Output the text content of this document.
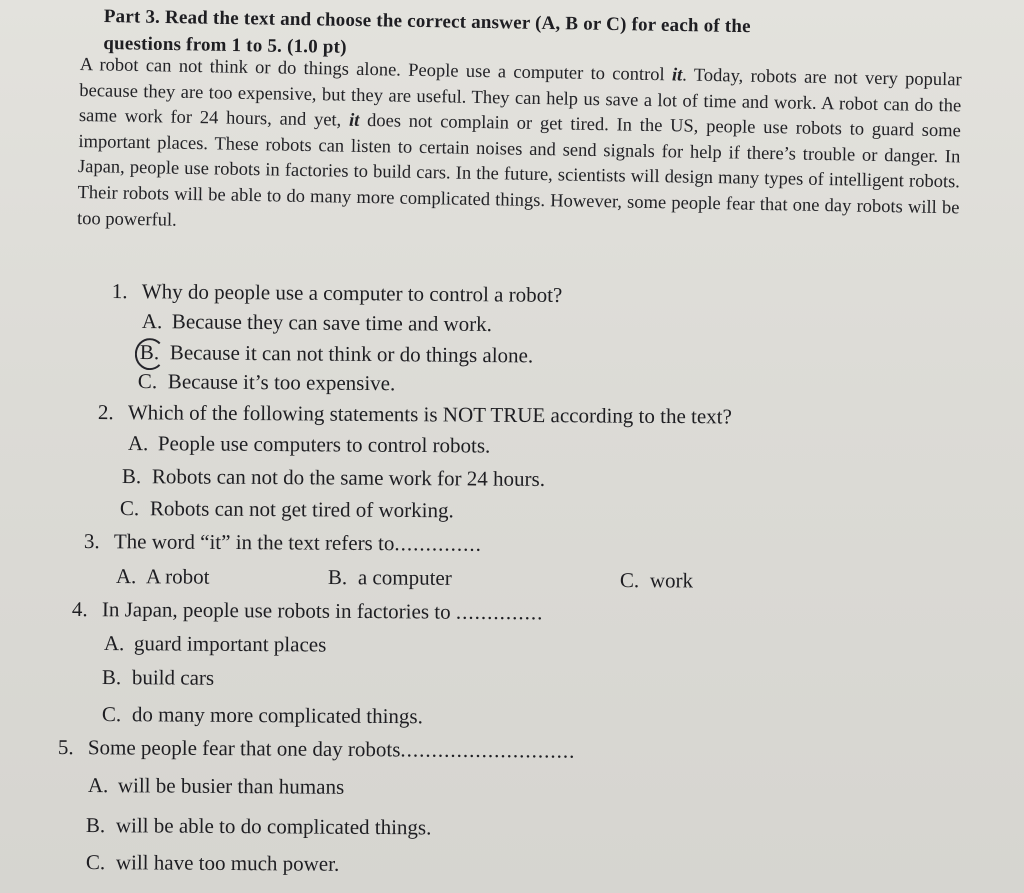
Part 3. Read the text and choose the correct answer (A, B or C) for each of the
questions from 1 to 5. (1.0 pt)
A robot can not think or do things alone. People use a computer to control it. Today, robots are not very popular because they are too expensive, but they are useful. They can help us save a lot of time and work. A robot can do the same work for 24 hours, and yet, it does not complain or get tired. In the US, people use robots to guard some important places. These robots can listen to certain noises and send signals for help if there’s trouble or danger. In Japan, people use robots in factories to build cars. In the future, scientists will design many types of intelligent robots. Their robots will be able to do many more complicated things. However, some people fear that one day robots will be too powerful.
1. Why do people use a computer to control a robot?
A. Because they can save time and work.
B. Because it can not think or do things alone.
C. Because it’s too expensive.
2. Which of the following statements is NOT TRUE according to the text?
A. People use computers to control robots.
B. Robots can not do the same work for 24 hours.
C. Robots can not get tired of working.
3. The word “it” in the text refers to..............
A. A robot	B. a computer	C. work
4. In Japan, people use robots in factories to ..............
A. guard important places
B. build cars
C. do many more complicated things.
5. Some people fear that one day robots............................
A. will be busier than humans
B. will be able to do complicated things.
C. will have too much power.
